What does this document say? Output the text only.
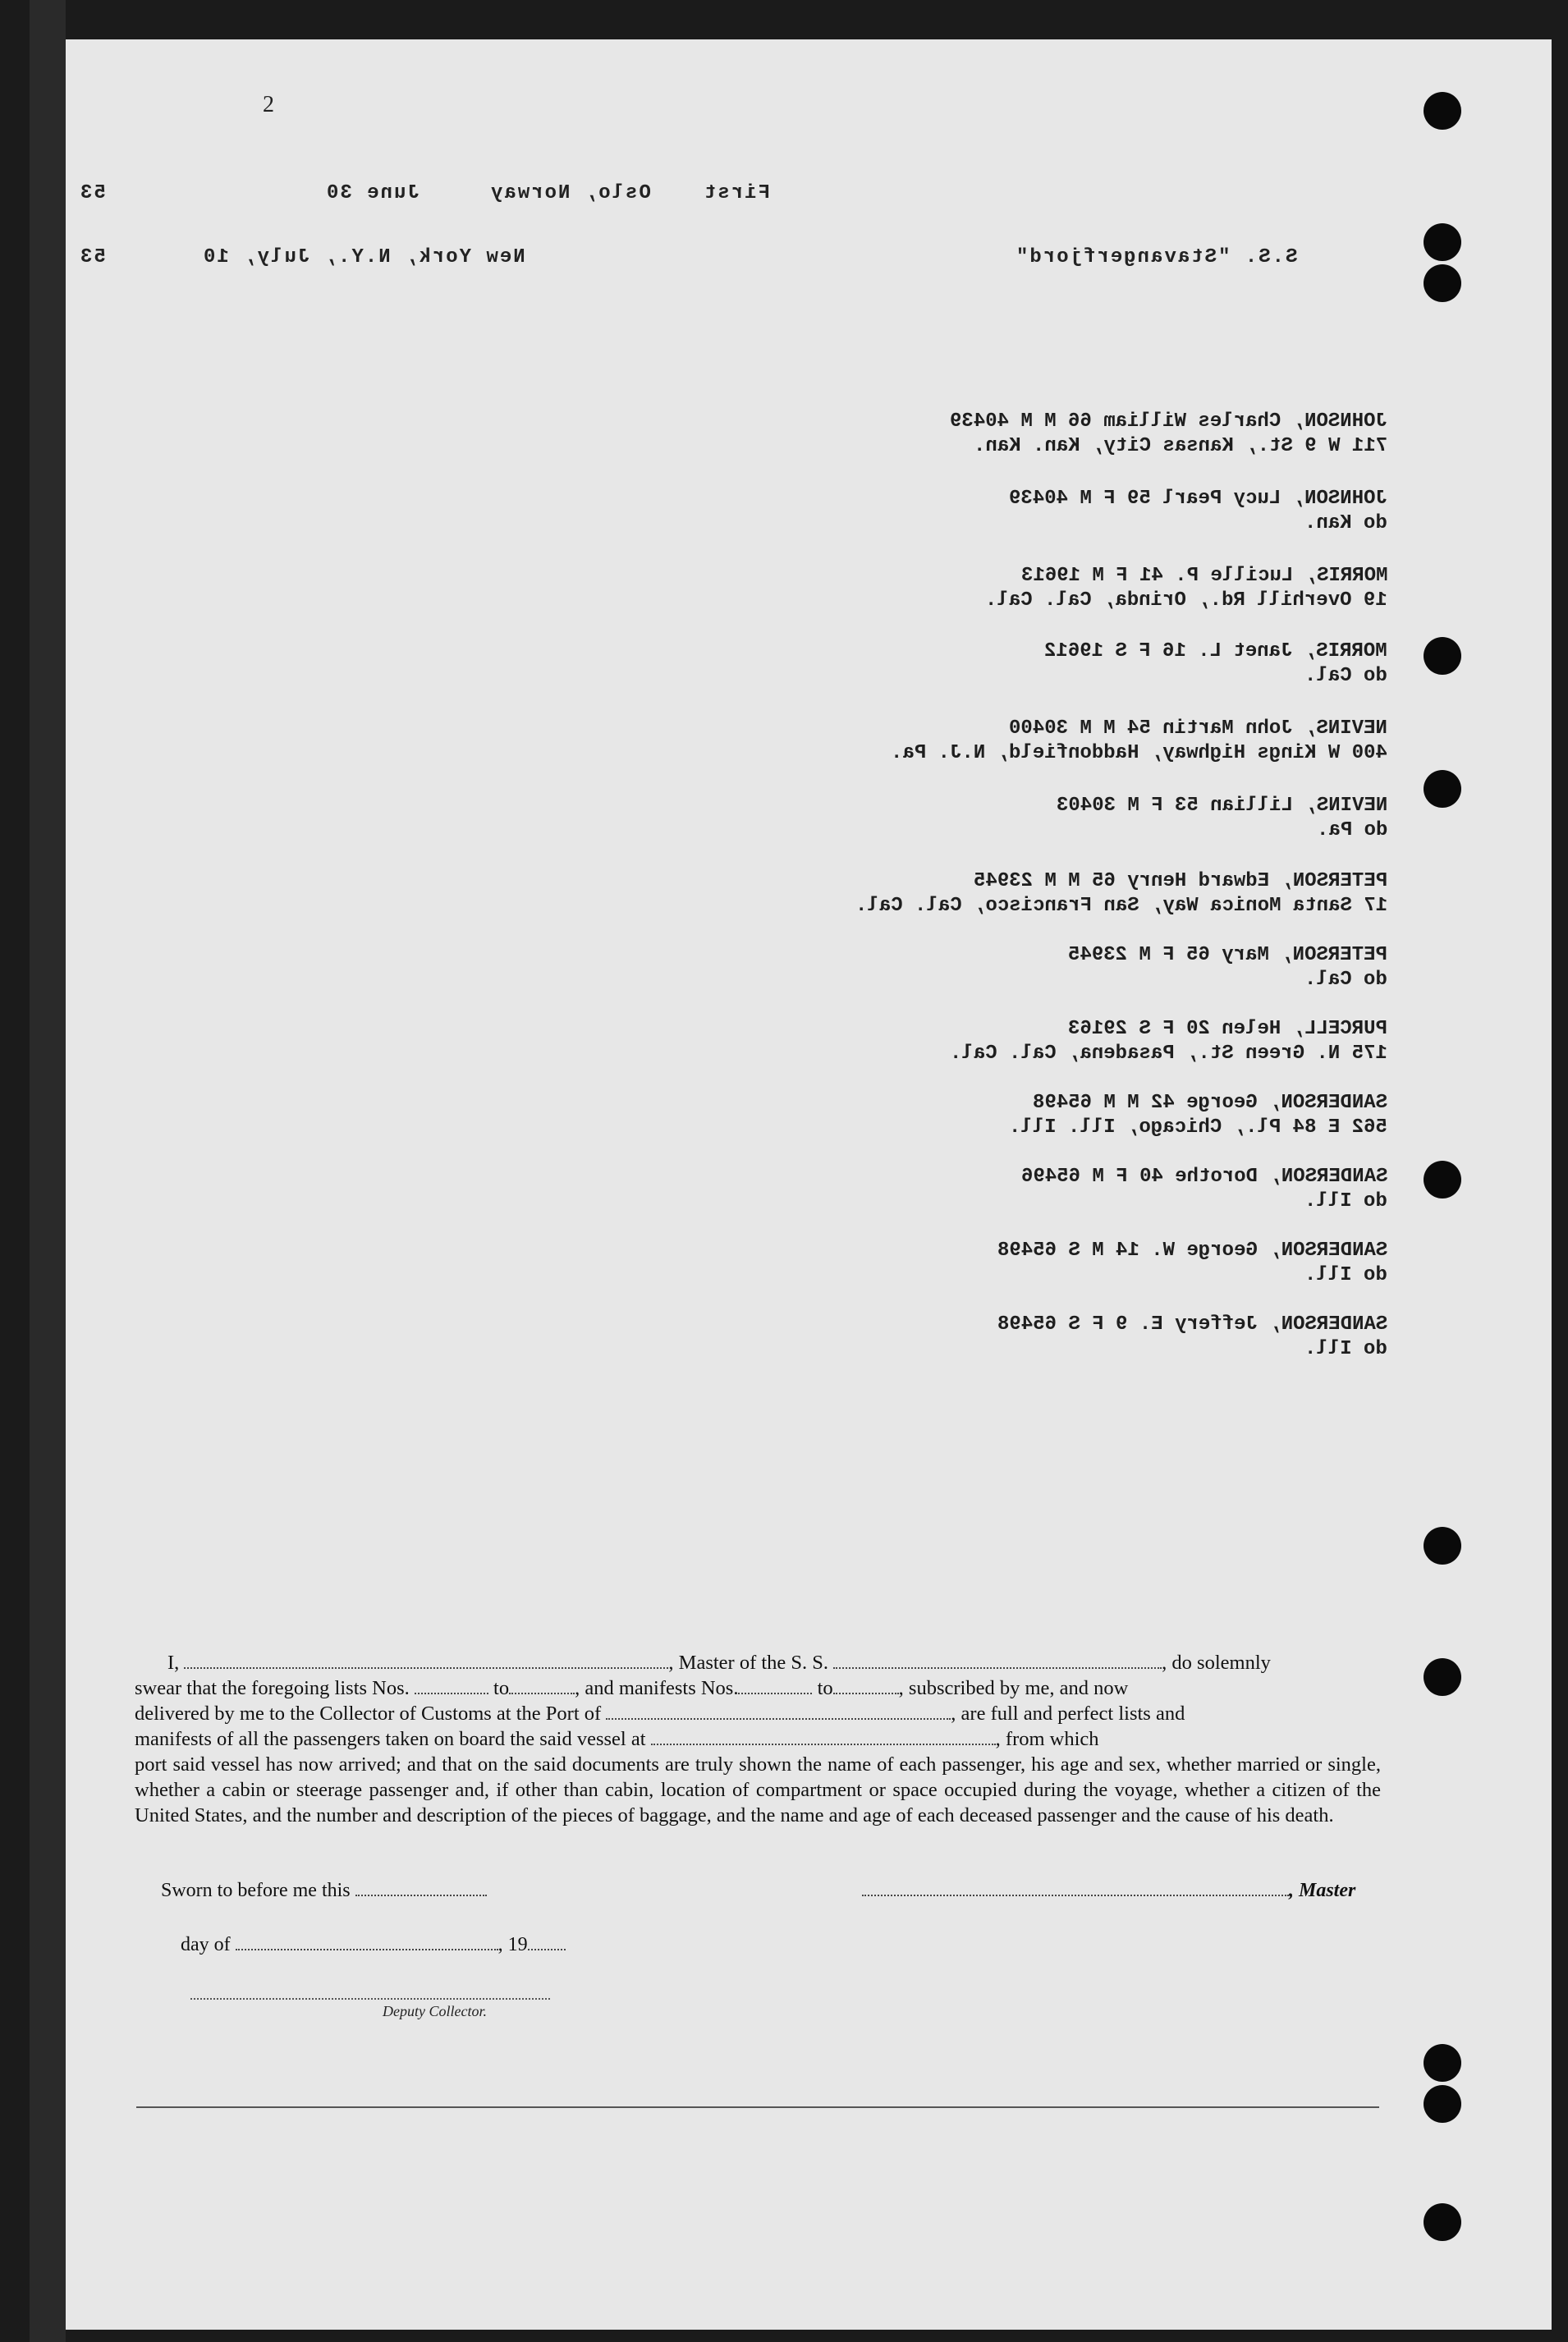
2
53	June 30	Oslo, Norway	First
53	New York, N.Y., July, 10	S.S. "Stavangerfjord"
JOHNSON, Charles William 66 M M 40439
711 W 9 St., Kansas City, Kan. Kan.
JOHNSON, Lucy Pearl 59 F M 40439
do Kan.
MORRIS, Lucille P. 41 F M 19613
19 Overhill Rd., Orinda, Cal. Cal.
MORRIS, Janet L. 16 F S 19612
do Cal.
NEVINS, John Martin 54 M M 30400
400 W Kings Highway, Haddonfield, N.J. Pa.
NEVINS, Lillian 53 F M 30403
do Pa.
PETERSON, Edward Henry 65 M M 23945
17 Santa Monica Way, San Francisco, Cal. Cal.
PETERSON, Mary 65 F M 23945
do Cal.
PURCELL, Helen 20 F S 29163
175 N. Green St., Pasadena, Cal. Cal.
SANDERSON, George 42 M M 65498
562 E 84 Pl., Chicago, Ill. Ill.
SANDERSON, Dorothe 40 F M 65496
do Ill.
SANDERSON, George W. 14 M S 65498
do Ill.
SANDERSON, Jeffery E. 9 F S 65498
do Ill.

I,	, Master of the S. S.	, do solemnly

swear that the foregoing lists Nos.	to	, and manifests Nos.	to	, subscribed by me, and now

delivered by me to the Collector of Customs at the Port of	, are full and perfect lists and

manifests of all the passengers taken on board the said vessel at	, from which

port said vessel has now arrived; and that on the said documents are truly shown the name of each passenger, his age and sex, whether married or single, whether a cabin or steerage passenger and, if other than cabin, location of compartment or space occupied during the voyage, whether a citizen of the United States, and the number and description of the pieces of baggage, and the name and age of each deceased passenger and the cause of his death.

Sworn to before me this	, Master
day of	, 19
Deputy Collector.
